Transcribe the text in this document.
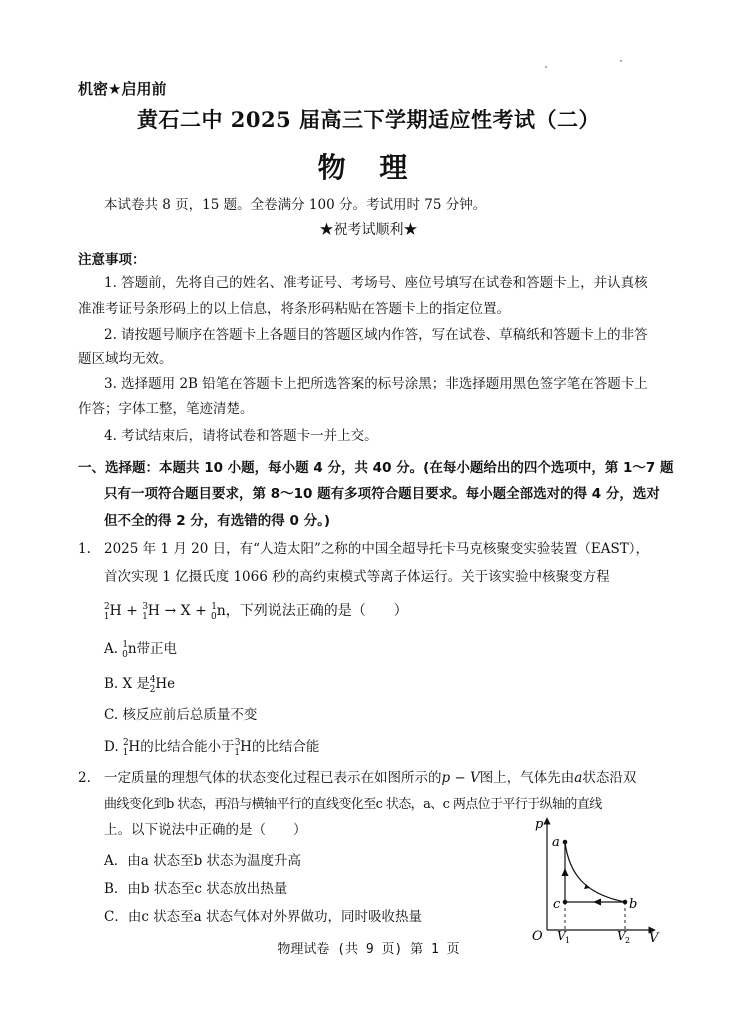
机密★启用前
黄石二中 2025 届高三下学期适应性考试（二）
物 理
本试卷共 8 页，15 题。全卷满分 100 分。考试用时 75 分钟。
★祝考试顺利★
注意事项：
1. 答题前，先将自己的姓名、准考证号、考场号、座位号填写在试卷和答题卡上，并认真核
准准考证号条形码上的以上信息，将条形码粘贴在答题卡上的指定位置。
2. 请按题号顺序在答题卡上各题目的答题区域内作答，写在试卷、草稿纸和答题卡上的非答
题区域均无效。
3. 选择题用 2B 铅笔在答题卡上把所选答案的标号涂黑；非选择题用黑色签字笔在答题卡上
作答；字体工整，笔迹清楚。
4. 考试结束后，请将试卷和答题卡一并上交。
一、选择题：本题共 10 小题，每小题 4 分，共 40 分。(在每小题给出的四个选项中，第 1～7 题
只有一项符合题目要求，第 8～10 题有多项符合题目要求。每小题全部选对的得 4 分，选对
但不全的得 2 分，有选错的得 0 分。)
1. 2025 年 1 月 20 日，有“人造太阳”之称的中国全超导托卡马克核聚变实验装置（EAST），
首次实现 1 亿摄氏度 1066 秒的高约束模式等离子体运行。关于该实验中核聚变方程
$^2_1$H + $^3_1$H → X + $^1_0$n，下列说法正确的是（　　）
A. $^1_0$n带正电
B. X 是$^4_2$He
C. 核反应前后总质量不变
D. $^2_1$H的比结合能小于$^3_1$H的比结合能
2. 一定质量的理想气体的状态变化过程已表示在如图所示的p − V图上，气体先由a状态沿双
曲线变化到b 状态，再沿与横轴平行的直线变化至c 状态，a、c 两点位于平行于纵轴的直线
上。以下说法中正确的是（　　）
A．由a 状态至b 状态为温度升高
B．由b 状态至c 状态放出热量
C．由c 状态至a 状态气体对外界做功，同时吸收热量
p
V
O
a
b
c
V 1	V 2
物理试卷 (共 9 页) 第 1 页
